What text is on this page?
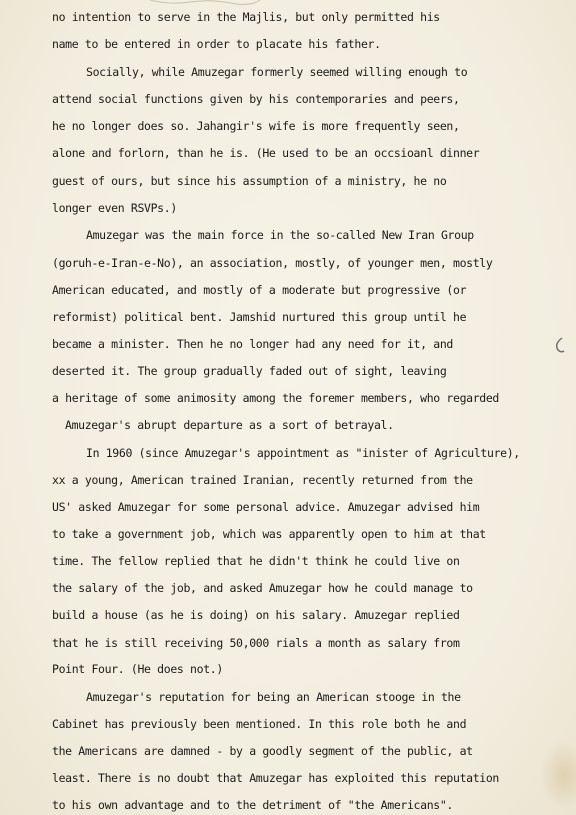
no intention to serve in the Majlis, but only permitted his
name to be entered in order to placate his father.
Socially, while Amuzegar formerly seemed willing enough to
attend social functions given by his contemporaries and peers,
he no longer does so. Jahangir's wife is more frequently seen,
alone and forlorn, than he is. (He used to be an occsioanl dinner
guest of ours, but since his assumption of a ministry, he no
longer even RSVPs.)
Amuzegar was the main force in the so-called New Iran Group
(goruh-e-Iran-e-No), an association, mostly, of younger men, mostly
American educated, and mostly of a moderate but progressive (or
reformist) political bent. Jamshid nurtured this group until he
became a minister. Then he no longer had any need for it, and
deserted it. The group gradually faded out of sight, leaving
a heritage of some animosity among the foremer members, who regarded
Amuzegar's abrupt departure as a sort of betrayal.
In 1960 (since Amuzegar's appointment as "inister of Agriculture),
xx a young, American trained Iranian, recently returned from the
US' asked Amuzegar for some personal advice. Amuzegar advised him
to take a government job, which was apparently open to him at that
time. The fellow replied that he didn't think he could live on
the salary of the job, and asked Amuzegar how he could manage to
build a house (as he is doing) on his salary. Amuzegar replied
that he is still receiving 50,000 rials a month as salary from
Point Four. (He does not.)
Amuzegar's reputation for being an American stooge in the
Cabinet has previously been mentioned. In this role both he and
the Americans are damned - by a goodly segment of the public, at
least. There is no doubt that Amuzegar has exploited this reputation
to his own advantage and to the detriment of "the Americans".
